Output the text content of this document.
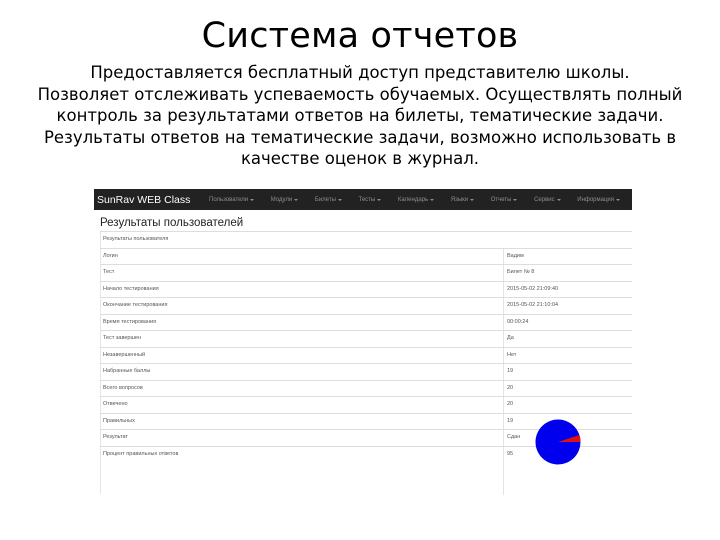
Система отчетов
Предоставляется бесплатный доступ представителю школы.
Позволяет отслеживать успеваемость обучаемых. Осуществлять полный
контроль за результатами ответов на билеты, тематические задачи.
Результаты ответов на тематические задачи, возможно использовать в
качестве оценок в журнал.
SunRav WEB Class	Пользователи	Модули	Билеты	Тесты	Календарь	Языки	Отчеты	Сервис	Информация
Результаты пользователей
Результаты пользователя
Логин	Вадим
Тест	Билет № 8
Начало тестирования	2015-05-02 21:09:40
Окончание тестирования	2015-05-02 21:10:04
Время тестирования	00:00:24
Тест завершен	Да
Незавершенный	Нет
Набранные баллы	19
Всего вопросов	20
Отвечено	20
Правильных	19
Результат	Сдан
Процент правильных ответов	95
